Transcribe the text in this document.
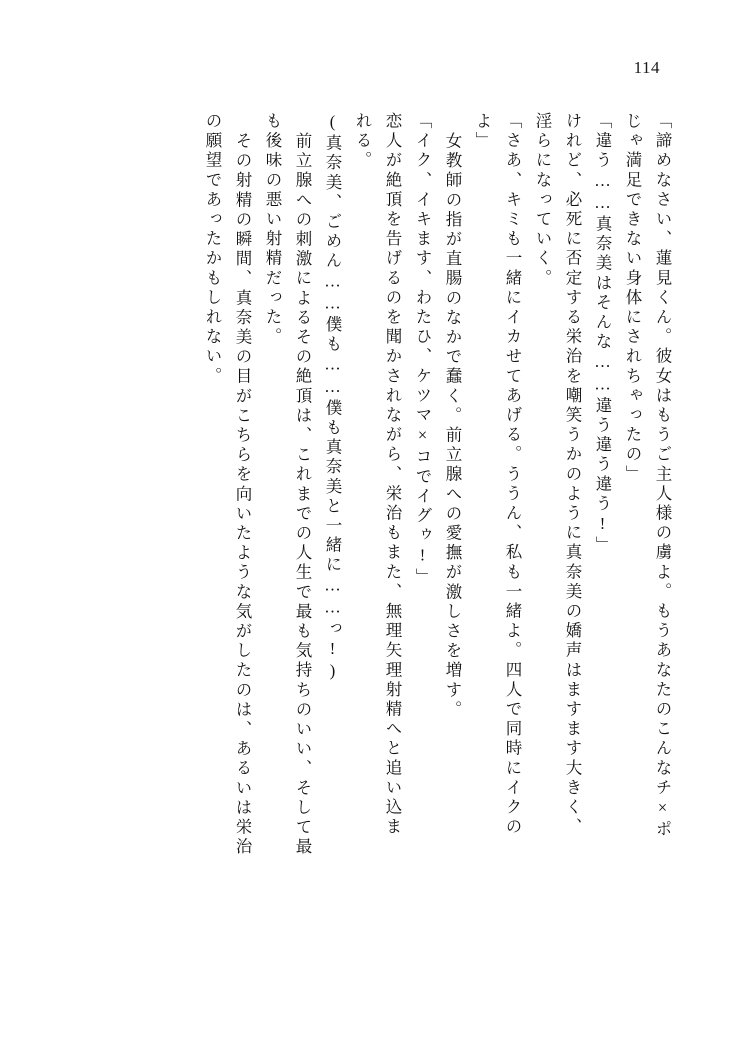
114
「諦めなさい、蓮見くん。彼女はもうご主人様の虜よ。もうあなたのこんなチ×ポ
じゃ満足できない身体にされちゃったの」
「違う……真奈美はそんな……違う違う違う!」
けれど、必死に否定する栄治を嘲笑うかのように真奈美の嬌声はますます大きく、
淫らになっていく。
「さあ、キミも一緒にイカせてあげる。ううん、私も一緒よ。四人で同時にイクの
よ」
女教師の指が直腸のなかで蠢く。前立腺への愛撫が激しさを増す。
「イク、イキます、わたひ、ケツマ×コでイグゥ!」
恋人が絶頂を告げるのを聞かされながら、栄治もまた、無理矢理射精へと追い込ま
れる。
(真奈美、ごめん……僕も……僕も真奈美と一緒に……っ!)
前立腺への刺激によるその絶頂は、これまでの人生で最も気持ちのいい、そして最
も後味の悪い射精だった。
その射精の瞬間、真奈美の目がこちらを向いたような気がしたのは、あるいは栄治
の願望であったかもしれない。
